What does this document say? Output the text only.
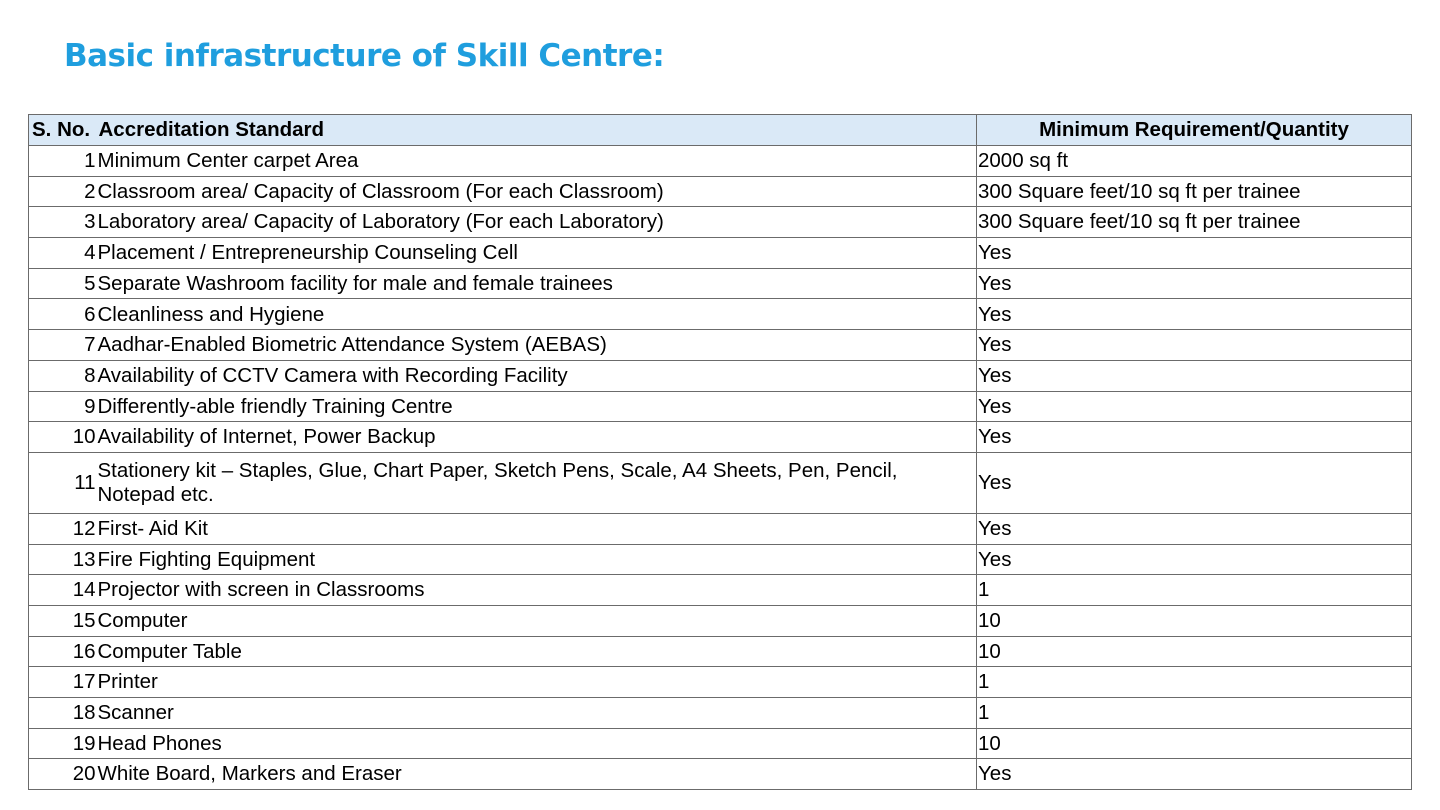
Basic infrastructure of Skill Centre:
S. No.	Accreditation Standard	Minimum Requirement/Quantity
1	Minimum Center carpet Area	2000 sq ft
2	Classroom area/ Capacity of Classroom (For each Classroom)	300 Square feet/10 sq ft per trainee
3	Laboratory area/ Capacity of Laboratory (For each Laboratory)	300 Square feet/10 sq ft per trainee
4	Placement / Entrepreneurship Counseling Cell	Yes
5	Separate Washroom facility for male and female trainees	Yes
6	Cleanliness and Hygiene	Yes
7	Aadhar-Enabled Biometric Attendance System (AEBAS)	Yes
8	Availability of CCTV Camera with Recording Facility	Yes
9	Differently-able friendly Training Centre	Yes
10	Availability of Internet, Power Backup	Yes
11	Stationery kit – Staples, Glue, Chart Paper, Sketch Pens, Scale, A4 Sheets, Pen, Pencil, Notepad etc.	Yes
12	First- Aid Kit	Yes
13	Fire Fighting Equipment	Yes
14	Projector with screen in Classrooms	1
15	Computer	10
16	Computer Table	10
17	Printer	1
18	Scanner	1
19	Head Phones	10
20	White Board, Markers and Eraser	Yes
